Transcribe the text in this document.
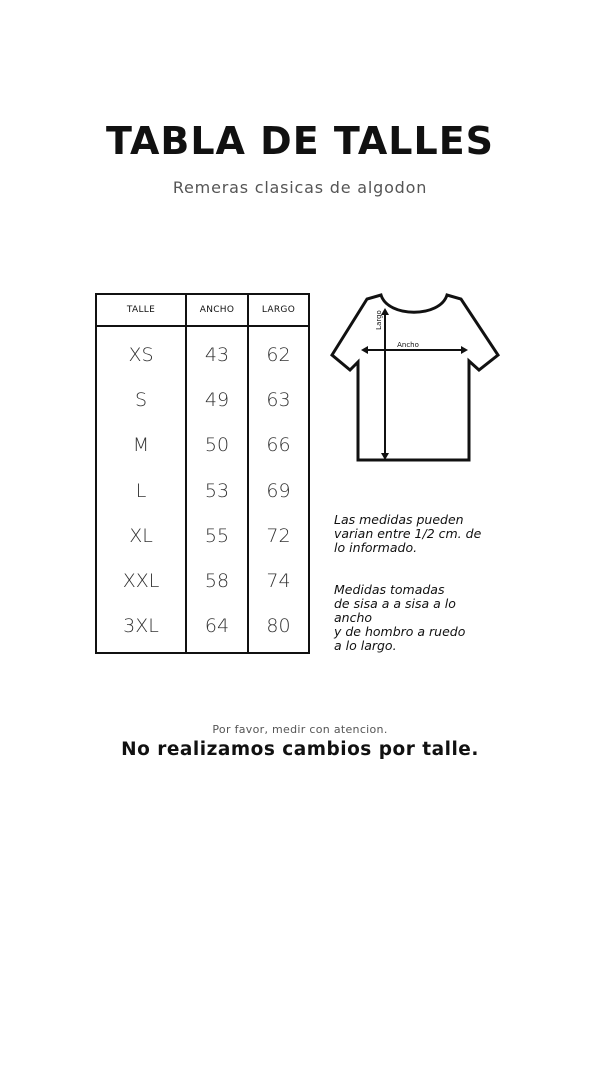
TABLA DE TALLES
Remeras clasicas de algodon
TALLE	ANCHO	LARGO
XS	43	62
S	49	63
M	50	66
L	53	69
XL	55	72
XXL	58	74
3XL	64	80
Ancho
Largo
Las medidas pueden
varian entre 1/2 cm. de
lo informado.
Medidas tomadas
de sisa a a sisa a lo
ancho
y de hombro a ruedo
a lo largo.
Por favor, medir con atencion.
No realizamos cambios por talle.
